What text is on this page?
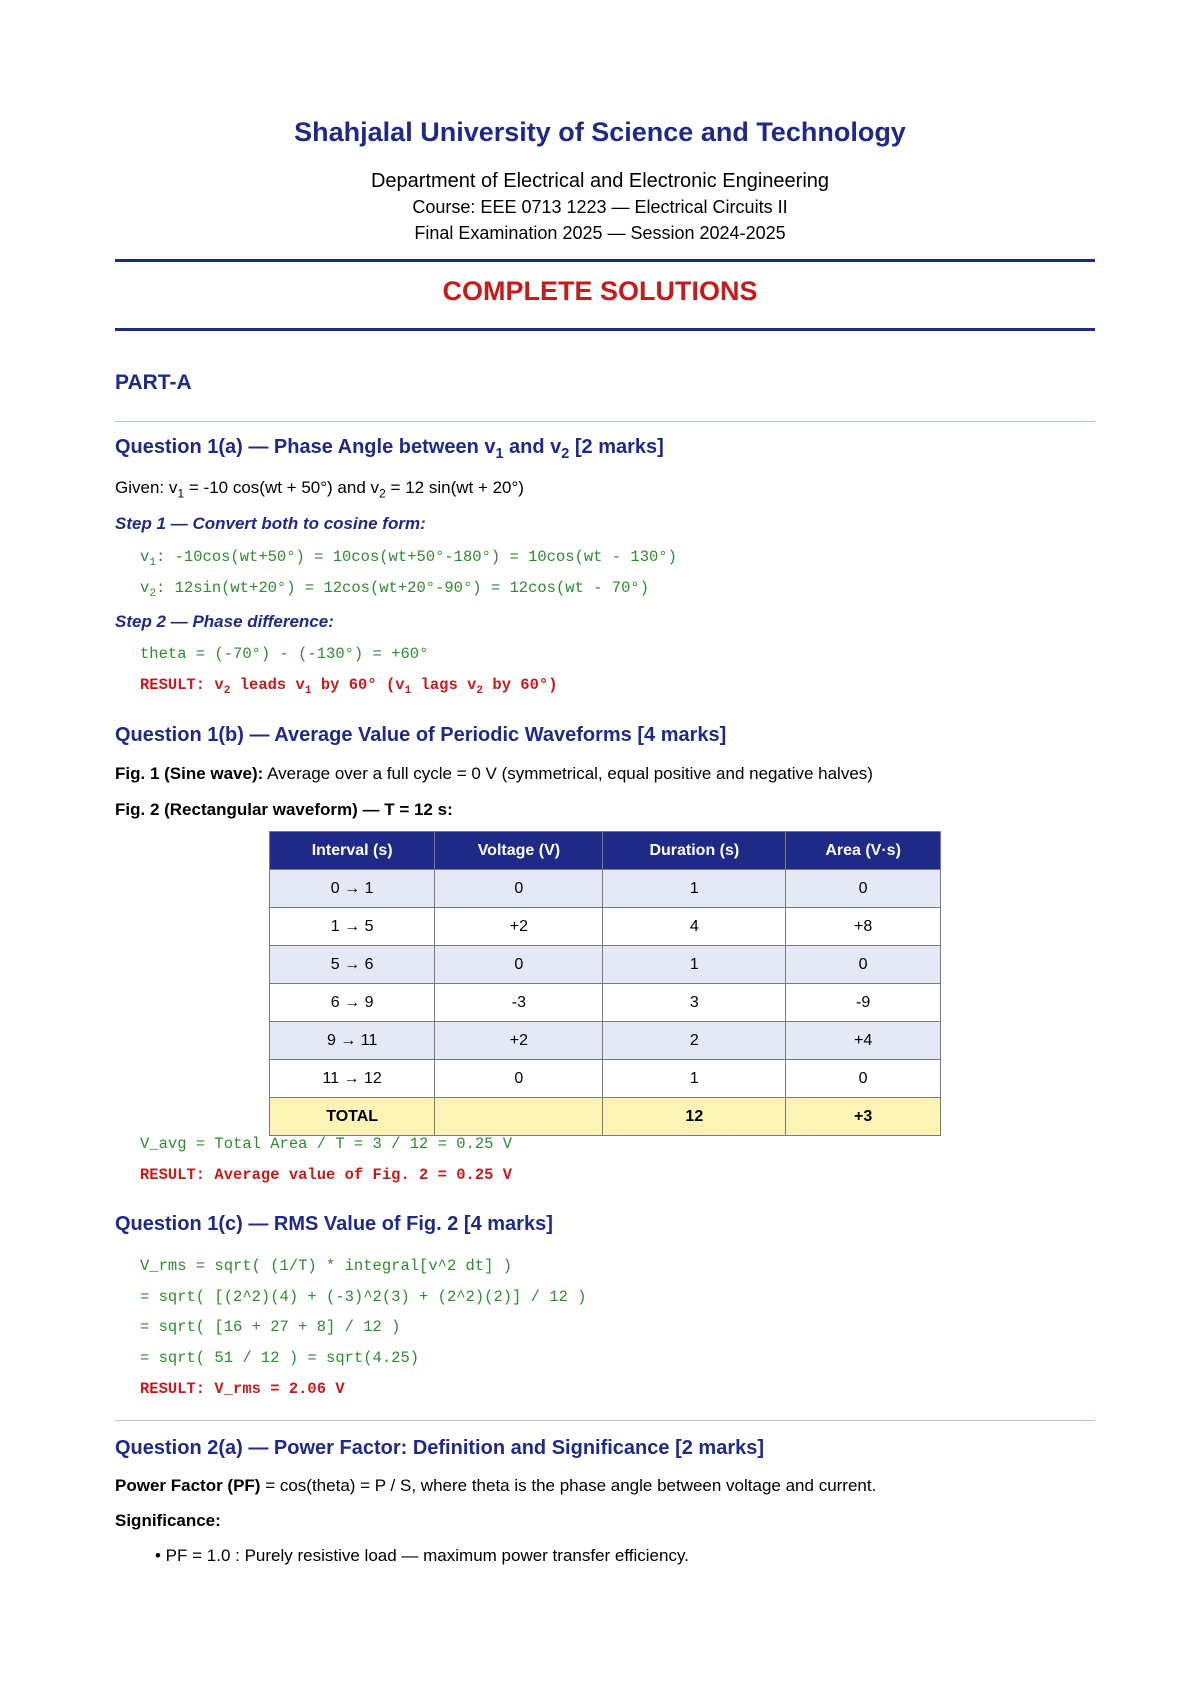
Shahjalal University of Science and Technology
Department of Electrical and Electronic Engineering
Course: EEE 0713 1223 — Electrical Circuits II
Final Examination 2025 — Session 2024-2025
COMPLETE SOLUTIONS
PART-A
Question 1(a) — Phase Angle between $v_1$ and $v_2$ [2 marks]
Given: $v_1 = -10$ cos(wt + 50°) and $v_2 = 12$ sin(wt + 20°)
Step 1 — Convert both to cosine form:
$v_1$: -10cos(wt+50°) = 10cos(wt+50°-180°) = 10cos(wt - 130°)
$v_2$: 12sin(wt+20°) = 12cos(wt+20°-90°) = 12cos(wt - 70°)
Step 2 — Phase difference:
theta = (-70°) - (-130°) = +60°
RESULT: $v_2$ leads $v_1$ by 60° ($v_1$ lags $v_2$ by 60°)
Question 1(b) — Average Value of Periodic Waveforms [4 marks]
Fig. 1 (Sine wave): Average over a full cycle = 0 V (symmetrical, equal positive and negative halves)
Fig. 2 (Rectangular waveform) — T = 12 s:
Interval (s)	Voltage (V)	Duration (s)	Area (V·s)
0 → 1	0	1	0
1 → 5	+2	4	+8
5 → 6	0	1	0
6 → 9	-3	3	-9
9 → 11	+2	2	+4
11 → 12	0	1	0
TOTAL		12	+3
V_avg = Total Area / T = 3 / 12 = 0.25 V
RESULT: Average value of Fig. 2 = 0.25 V
Question 1(c) — RMS Value of Fig. 2 [4 marks]
V_rms = sqrt( (1/T) * integral[v^2 dt] )
= sqrt( [(2^2)(4) + (-3)^2(3) + (2^2)(2)] / 12 )
= sqrt( [16 + 27 + 8] / 12 )
= sqrt( 51 / 12 ) = sqrt(4.25)
RESULT: V_rms = 2.06 V
Question 2(a) — Power Factor: Definition and Significance [2 marks]
Power Factor (PF) = cos(theta) = P / S, where theta is the phase angle between voltage and current.
Significance:
• PF = 1.0 : Purely resistive load — maximum power transfer efficiency.
